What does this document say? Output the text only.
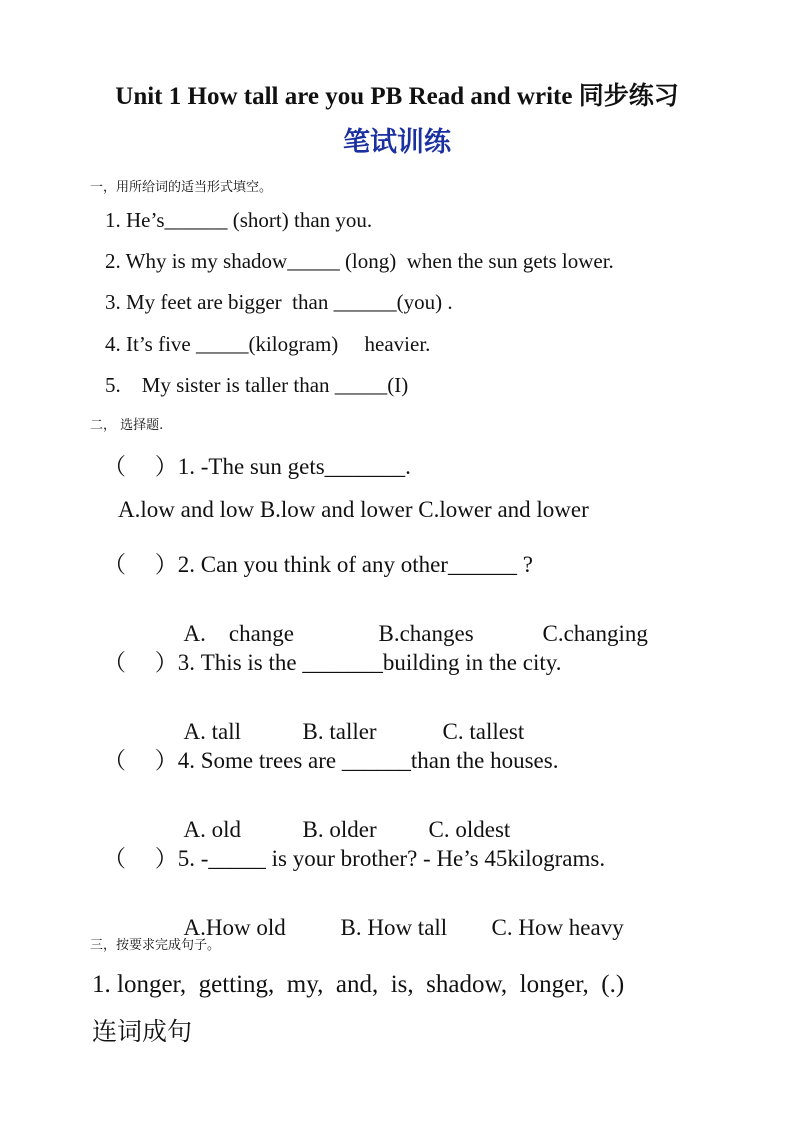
Unit 1 How tall are you PB Read and write 同步练习
笔试训练
一，用所给词的适当形式填空。
1. He’s______ (short) than you.
2. Why is my shadow_____ (long)  when the sun gets lower.
3. My feet are bigger  than ______(you) .
4. It’s five _____(kilogram)     heavier.
5.    My sister is taller than _____(I)
二， 选择题.
（     ）1. -The sun gets_______.
A.low and low B.low and lower C.lower and lower
（     ）2. Can you think of any other______ ?

A.    change	B.changes	C.changing

（     ）3. This is the _______building in the city.

A. tall	B. taller	C. tallest

（     ）4. Some trees are ______than the houses.

A. old	B. older C. oldest

（     ）5. -_____ is your brother? - He’s 45kilograms.

A.How old B. How tall C. How heavy

三，按要求完成句子。
1. longer,  getting,  my,  and,  is,  shadow,  longer,  (.)
连词成句
